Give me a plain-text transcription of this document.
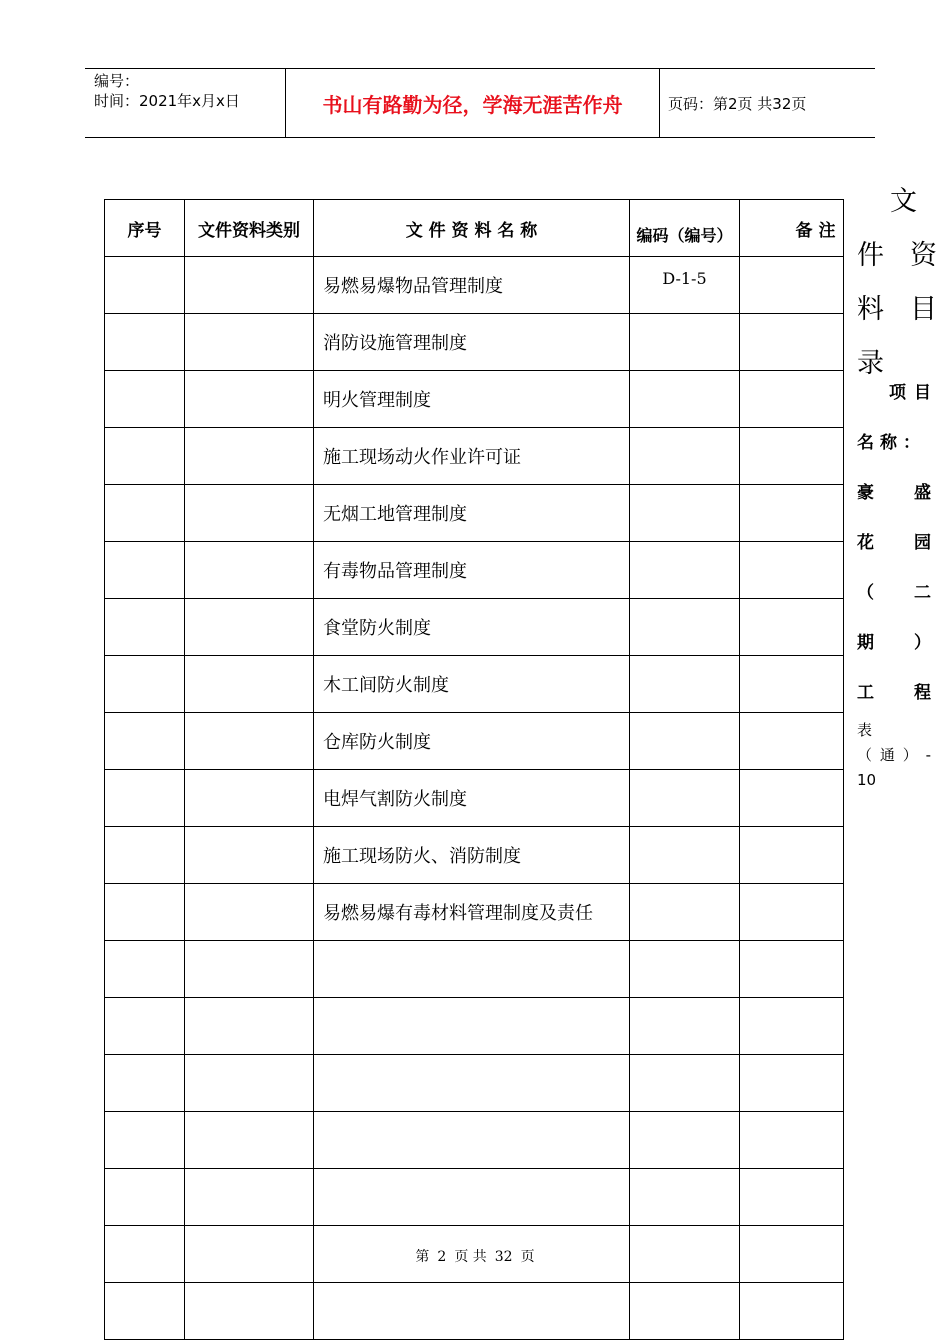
编号：
时间：2021年x月x日	书山有路勤为径，学海无涯苦作舟	页码：第2页 共32页
序号	文件资料类别	文 件 资 料 名 称	编码（编号）	备 注
		易燃易爆物品管理制度	D-1-5	
		消防设施管理制度		
		明火管理制度		
		施工现场动火作业许可证		
		无烟工地管理制度		
		有毒物品管理制度		
		食堂防火制度		
		木工间防火制度		
		仓库防火制度		
		电焊气割防火制度		
		施工现场防火、消防制度		
		易燃易爆有毒材料管理制度及责任		

文
件 资
料 目
录
项 目
名 称 ：
豪 盛
花 园
（ 二
期 ）
工 程
表
（ 通 ） -
10
第 2 页 共 32 页
